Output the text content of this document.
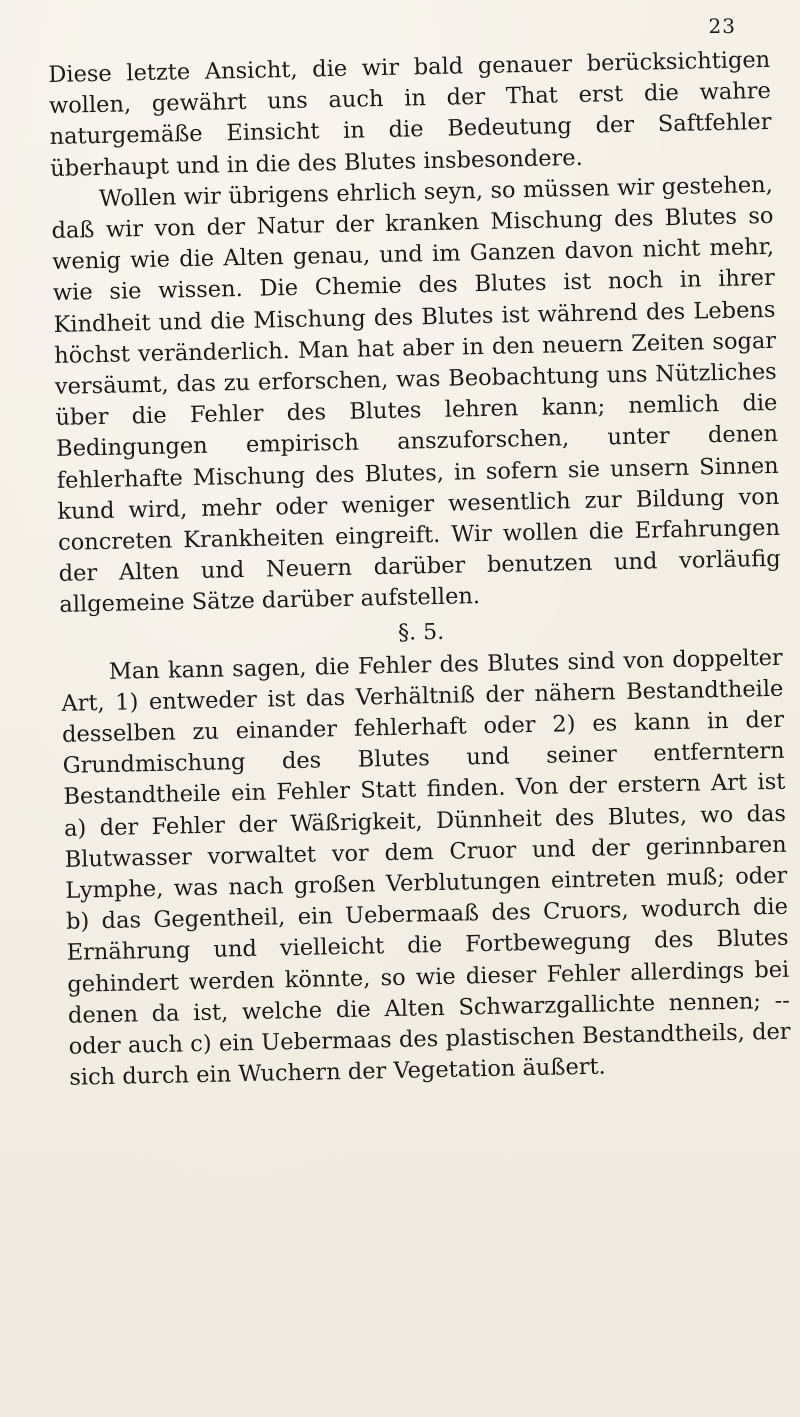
23

Diese letzte Ansicht, die wir bald genauer berücksichtigen wollen, gewährt uns auch in der That erst die wahre naturgemäße Einsicht in die Bedeutung der Saftfehler überhaupt und in die des Blutes insbesondere.

Wollen wir übrigens ehrlich seyn, so müssen wir gestehen, daß wir von der Natur der kranken Mischung des Blutes so wenig wie die Alten genau, und im Ganzen davon nicht mehr, wie sie wissen. Die Chemie des Blutes ist noch in ihrer Kindheit und die Mischung des Blutes ist während des Lebens höchst veränderlich. Man hat aber in den neuern Zeiten sogar versäumt, das zu erforschen, was Beobachtung uns Nützliches über die Fehler des Blutes lehren kann; nemlich die Bedingungen empirisch anszuforschen, unter denen fehlerhafte Mischung des Blutes, in sofern sie unsern Sinnen kund wird, mehr oder weniger wesentlich zur Bildung von concreten Krankheiten eingreift. Wir wollen die Erfahrungen der Alten und Neuern darüber benutzen und vorläufig allgemeine Sätze darüber aufstellen.

§. 5.

Man kann sagen, die Fehler des Blutes sind von doppelter Art, 1) entweder ist das Verhältniß der nähern Bestandtheile desselben zu einander fehlerhaft oder 2) es kann in der Grundmischung des Blutes und seiner entferntern Bestandtheile ein Fehler Statt finden. Von der erstern Art ist a) der Fehler der Wäßrigkeit, Dünnheit des Blutes, wo das Blutwasser vorwaltet vor dem Cruor und der gerinnbaren Lymphe, was nach großen Verblutungen eintreten muß; oder b) das Gegentheil, ein Uebermaaß des Cruors, wodurch die Ernährung und vielleicht die Fortbewegung des Blutes gehindert werden könnte, so wie dieser Fehler allerdings bei denen da ist, welche die Alten Schwarzgallichte nennen; -- oder auch c) ein Uebermaas des plastischen Bestandtheils, der sich durch ein Wuchern der Vegetation äußert.
